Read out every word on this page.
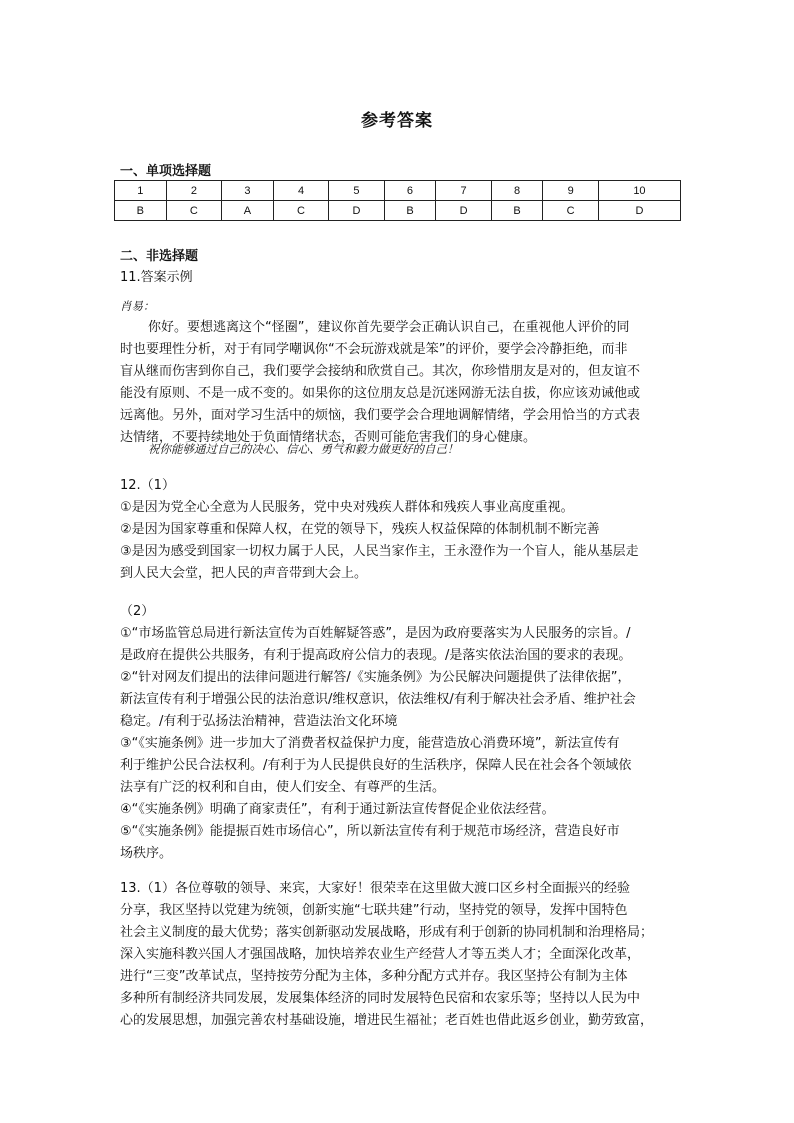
参考答案
一、单项选择题
1	2	3	4	5	6	7	8	9	10
B	C	A	C	D	B	D	B	C	D
二、非选择题
11.答案示例
肖易：
你好。要想逃离这个“怪圈”，建议你首先要学会正确认识自己，在重视他人评价的同
时也要理性分析，对于有同学嘲讽你“不会玩游戏就是笨”的评价，要学会冷静拒绝，而非
盲从继而伤害到你自己，我们要学会接纳和欣赏自己。其次，你珍惜朋友是对的，但友谊不
能没有原则、不是一成不变的。如果你的这位朋友总是沉迷网游无法自拔，你应该劝诫他或
远离他。另外，面对学习生活中的烦恼，我们要学会合理地调解情绪，学会用恰当的方式表
达情绪，不要持续地处于负面情绪状态，否则可能危害我们的身心健康。
祝你能够通过自己的决心、信心、勇气和毅力做更好的自己！
12.（1）
①是因为党全心全意为人民服务，党中央对残疾人群体和残疾人事业高度重视。
②是因为国家尊重和保障人权，在党的领导下，残疾人权益保障的体制机制不断完善
③是因为感受到国家一切权力属于人民，人民当家作主，王永澄作为一个盲人，能从基层走
到人民大会堂，把人民的声音带到大会上。
（2）
①“市场监管总局进行新法宣传为百姓解疑答惑”，是因为政府要落实为人民服务的宗旨。/
是政府在提供公共服务，有利于提高政府公信力的表现。/是落实依法治国的要求的表现。
②“针对网友们提出的法律问题进行解答/《实施条例》为公民解决问题提供了法律依据”，
新法宣传有利于增强公民的法治意识/维权意识，依法维权/有利于解决社会矛盾、维护社会
稳定。/有利于弘扬法治精神，营造法治文化环境
③“《实施条例》进一步加大了消费者权益保护力度，能营造放心消费环境”，新法宣传有
利于维护公民合法权利。/有利于为人民提供良好的生活秩序，保障人民在社会各个领域依
法享有广泛的权利和自由，使人们安全、有尊严的生活。
④“《实施条例》明确了商家责任”，有利于通过新法宣传督促企业依法经营。
⑤“《实施条例》能提振百姓市场信心”，所以新法宣传有利于规范市场经济，营造良好市
场秩序。
13.（1）各位尊敬的领导、来宾，大家好！很荣幸在这里做大渡口区乡村全面振兴的经验
分享，我区坚持以党建为统领，创新实施“七联共建”行动，坚持党的领导，发挥中国特色
社会主义制度的最大优势；落实创新驱动发展战略，形成有利于创新的协同机制和治理格局；
深入实施科教兴国人才强国战略，加快培养农业生产经营人才等五类人才；全面深化改革，
进行“三变”改革试点，坚持按劳分配为主体，多种分配方式并存。我区坚持公有制为主体
多种所有制经济共同发展，发展集体经济的同时发展特色民宿和农家乐等；坚持以人民为中
心的发展思想，加强完善农村基础设施，增进民生福祉；老百姓也借此返乡创业，勤劳致富，
